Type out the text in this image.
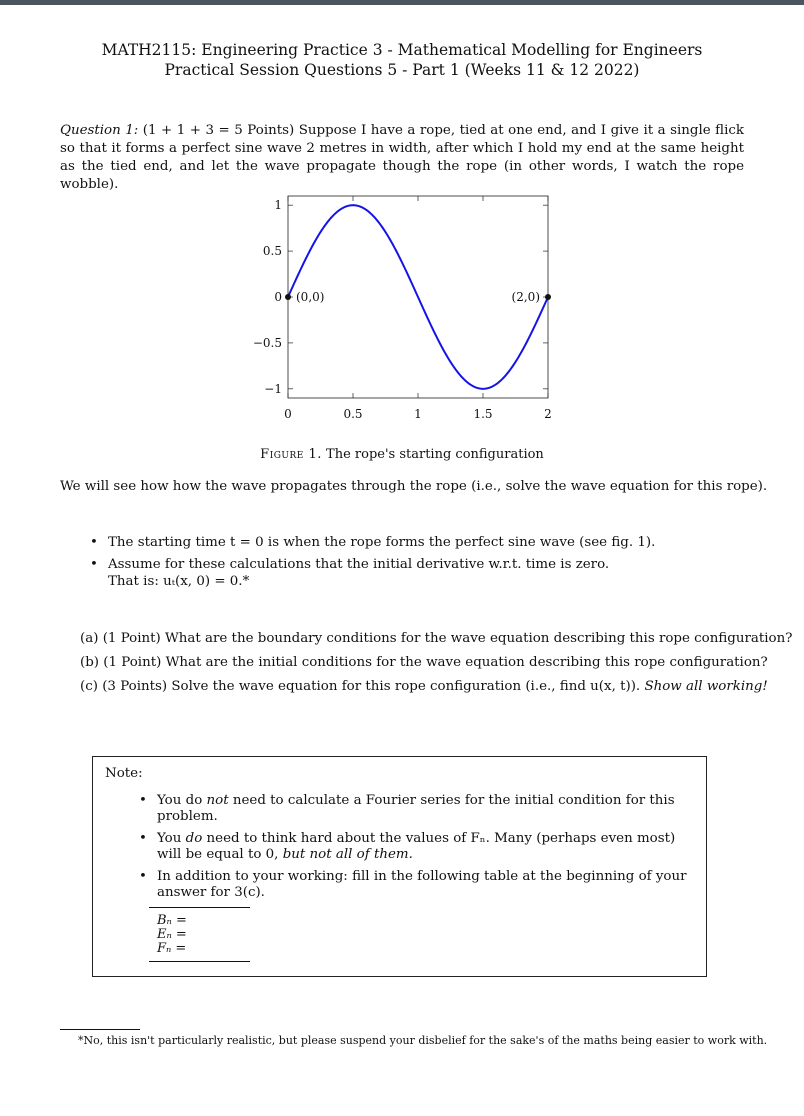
MATH2115: Engineering Practice 3 - Mathematical Modelling for Engineers
Practical Session Questions 5 - Part 1 (Weeks 11 & 12 2022)
Question 1: (1 + 1 + 3 = 5 Points) Suppose I have a rope, tied at one end, and I give it a single flick so that it forms a perfect sine wave 2 metres in width, after which I hold my end at the same height as the tied end, and let the wave propagate though the rope (in other words, I watch the rope wobble).
0	0.5	1	1.5	2
−1
−0.5
0
0.5
1
(0,0)	(2,0)
Figure 1. The rope's starting configuration
We will see how how the wave propagates through the rope (i.e., solve the wave equation for this rope).
• The starting time t = 0 is when the rope forms the perfect sine wave (see fig. 1).
• Assume for these calculations that the initial derivative w.r.t. time is zero.
That is: uₜ(x, 0) = 0.*
(a) (1 Point) What are the boundary conditions for the wave equation describing this rope configuration?
(b) (1 Point) What are the initial conditions for the wave equation describing this rope configuration?
(c) (3 Points) Solve the wave equation for this rope configuration (i.e., find u(x, t)). Show all working!
Note:
• You do not need to calculate a Fourier series for the initial condition for this problem.
• You do need to think hard about the values of Fₙ. Many (perhaps even most) will be equal to 0, but not all of them.
• In addition to your working: fill in the following table at the beginning of your answer for 3(c).
Bₙ =
Eₙ =
Fₙ =
*No, this isn't particularly realistic, but please suspend your disbelief for the sake's of the maths being easier to work with.
